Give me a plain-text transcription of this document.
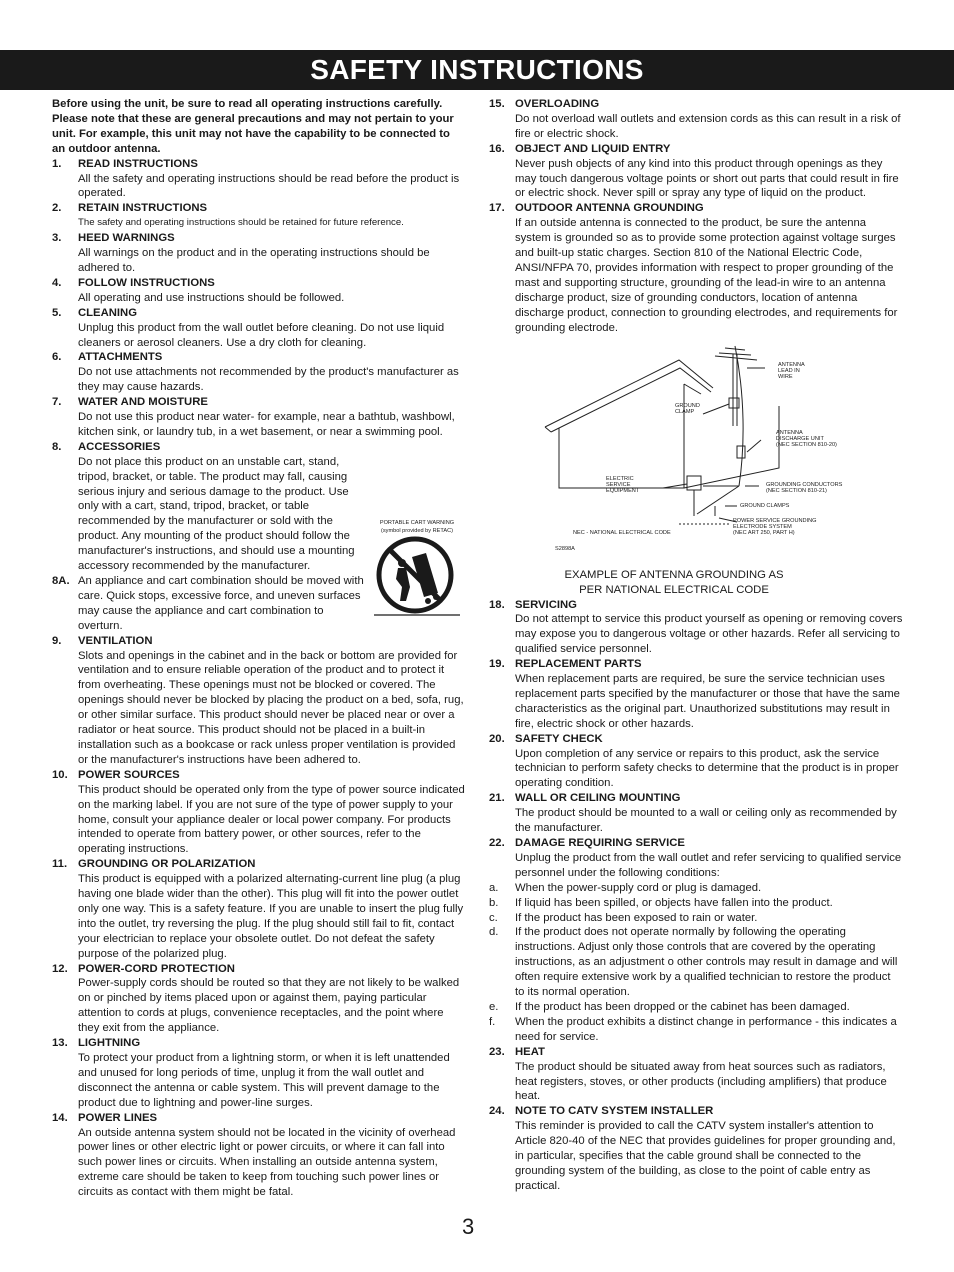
SAFETY INSTRUCTIONS
Before using the unit, be sure to read all operating instructions carefully. Please note that these are general precautions and may not pertain to your unit. For example, this unit may not have the capability to be connected to an outdoor antenna.
1. READ INSTRUCTIONS
All the safety and operating instructions should be read before the product is operated.
2. RETAIN INSTRUCTIONS
The safety and operating instructions should be retained for future reference.
3. HEED WARNINGS
All warnings on the product and in the operating instructions should be adhered to.
4. FOLLOW INSTRUCTIONS
All operating and use instructions should be followed.
5. CLEANING
Unplug this product from the wall outlet before cleaning. Do not use liquid cleaners or aerosol cleaners. Use a dry cloth for cleaning.
6. ATTACHMENTS
Do not use attachments not recommended by the product's manufacturer as they may cause hazards.
7. WATER AND MOISTURE
Do not use this product near water- for example, near a bathtub, washbowl, kitchen sink, or laundry tub, in a wet basement, or near a swimming pool.
8. ACCESSORIES
PORTABLE CART WARNING
(symbol provided by RETAC)
Do not place this product on an unstable cart, stand, tripod, bracket, or table. The product may fall, causing serious injury and serious damage to the product. Use only with a cart, stand, tripod, bracket, or table recommended by the manufacturer or sold with the product. Any mounting of the product should follow the manufacturer's instructions, and should use a mounting accessory recommended by the manufacturer.
8A. An appliance and cart combination should be moved with care. Quick stops, excessive force, and uneven surfaces may cause the appliance and cart combination to overturn.
9. VENTILATION
Slots and openings in the cabinet and in the back or bottom are provided for ventilation and to ensure reliable operation of the product and to protect it from overheating. These openings must not be blocked or covered. The openings should never be blocked by placing the product on a bed, sofa, rug, or other similar surface. This product should never be placed near or over a radiator or heat source. This product should not be placed in a built-in installation such as a bookcase or rack unless proper ventilation is provided or the manufacturer's instructions have been adhered to.
10. POWER SOURCES
This product should be operated only from the type of power source indicated on the marking label. If you are not sure of the type of power supply to your home, consult your appliance dealer or local power company. For products intended to operate from battery power, or other sources, refer to the operating instructions.
11. GROUNDING OR POLARIZATION
This product is equipped with a polarized alternating-current line plug (a plug having one blade wider than the other). This plug will fit into the power outlet only one way. This is a safety feature. If you are unable to insert the plug fully into the outlet, try reversing the plug. If the plug should still fail to fit, contact your electrician to replace your obsolete outlet. Do not defeat the safety purpose of the polarized plug.
12. POWER-CORD PROTECTION
Power-supply cords should be routed so that they are not likely to be walked on or pinched by items placed upon or against them, paying particular attention to cords at plugs, convenience receptacles, and the point where they exit from the appliance.
13. LIGHTNING
To protect your product from a lightning storm, or when it is left unattended and unused for long periods of time, unplug it from the wall outlet and disconnect the antenna or cable system. This will prevent damage to the product due to lightning and power-line surges.
14. POWER LINES
An outside antenna system should not be located in the vicinity of overhead power lines or other electric light or power circuits, or where it can fall into such power lines or circuits. When installing an outside antenna system, extreme care should be taken to keep from touching such power lines or circuits as contact with them might be fatal.
15. OVERLOADING
Do not overload wall outlets and extension cords as this can result in a risk of fire or electric shock.
16. OBJECT AND LIQUID ENTRY
Never push objects of any kind into this product through openings as they may touch dangerous voltage points or short out parts that could result in fire or electric shock. Never spill or spray any type of liquid on the product.
17. OUTDOOR ANTENNA GROUNDING
If an outside antenna is connected to the product, be sure the antenna system is grounded so as to provide some protection against voltage surges and built-up static charges. Section 810 of the National Electric Code, ANSI/NFPA 70, provides information with respect to proper grounding of the mast and supporting structure, grounding of the lead-in wire to an antenna discharge product, size of grounding conductors, location of antenna discharge product, connection to grounding electrodes, and requirements for grounding electrode.
ANTENNA
LEAD IN
WIRE
GROUND
CLAMP
ANTENNA
DISCHARGE UNIT
(NEC SECTION 810-20)
ELECTRIC
SERVICE
EQUIPMENT
GROUNDING CONDUCTORS
(NEC SECTION 810-21)
GROUND CLAMPS
POWER SERVICE GROUNDING
ELECTRODE SYSTEM
(NEC ART 250, PART H)
NEC - NATIONAL ELECTRICAL CODE
S2898A
EXAMPLE OF ANTENNA GROUNDING AS PER NATIONAL ELECTRICAL CODE
18. SERVICING
Do not attempt to service this product yourself as opening or removing covers may expose you to dangerous voltage or other hazards. Refer all servicing to qualified service personnel.
19. REPLACEMENT PARTS
When replacement parts are required, be sure the service technician uses replacement parts specified by the manufacturer or those that have the same characteristics as the original part. Unauthorized substitutions may result in fire, electric shock or other hazards.
20. SAFETY CHECK
Upon completion of any service or repairs to this product, ask the service technician to perform safety checks to determine that the product is in proper operating condition.
21. WALL OR CEILING MOUNTING
The product should be mounted to a wall or ceiling only as recommended by the manufacturer.
22. DAMAGE REQUIRING SERVICE
Unplug the product from the wall outlet and refer servicing to qualified service personnel under the following conditions:
a. When the power-supply cord or plug is damaged.
b. If liquid has been spilled, or objects have fallen into the product.
c. If the product has been exposed to rain or water.
d. If the product does not operate normally by following the operating instructions. Adjust only those controls that are covered by the operating instructions, as an adjustment o other controls may result in damage and will often require extensive work by a qualified technician to restore the product to its normal operation.
e. If the product has been dropped or the cabinet has been damaged.
f. When the product exhibits a distinct change in performance - this indicates a need for service.
23. HEAT
The product should be situated away from heat sources such as radiators, heat registers, stoves, or other products (including amplifiers) that produce heat.
24. NOTE TO CATV SYSTEM INSTALLER
This reminder is provided to call the CATV system installer's attention to Article 820-40 of the NEC that provides guidelines for proper grounding and, in particular, specifies that the cable ground shall be connected to the grounding system of the building, as close to the point of cable entry as practical.
3
